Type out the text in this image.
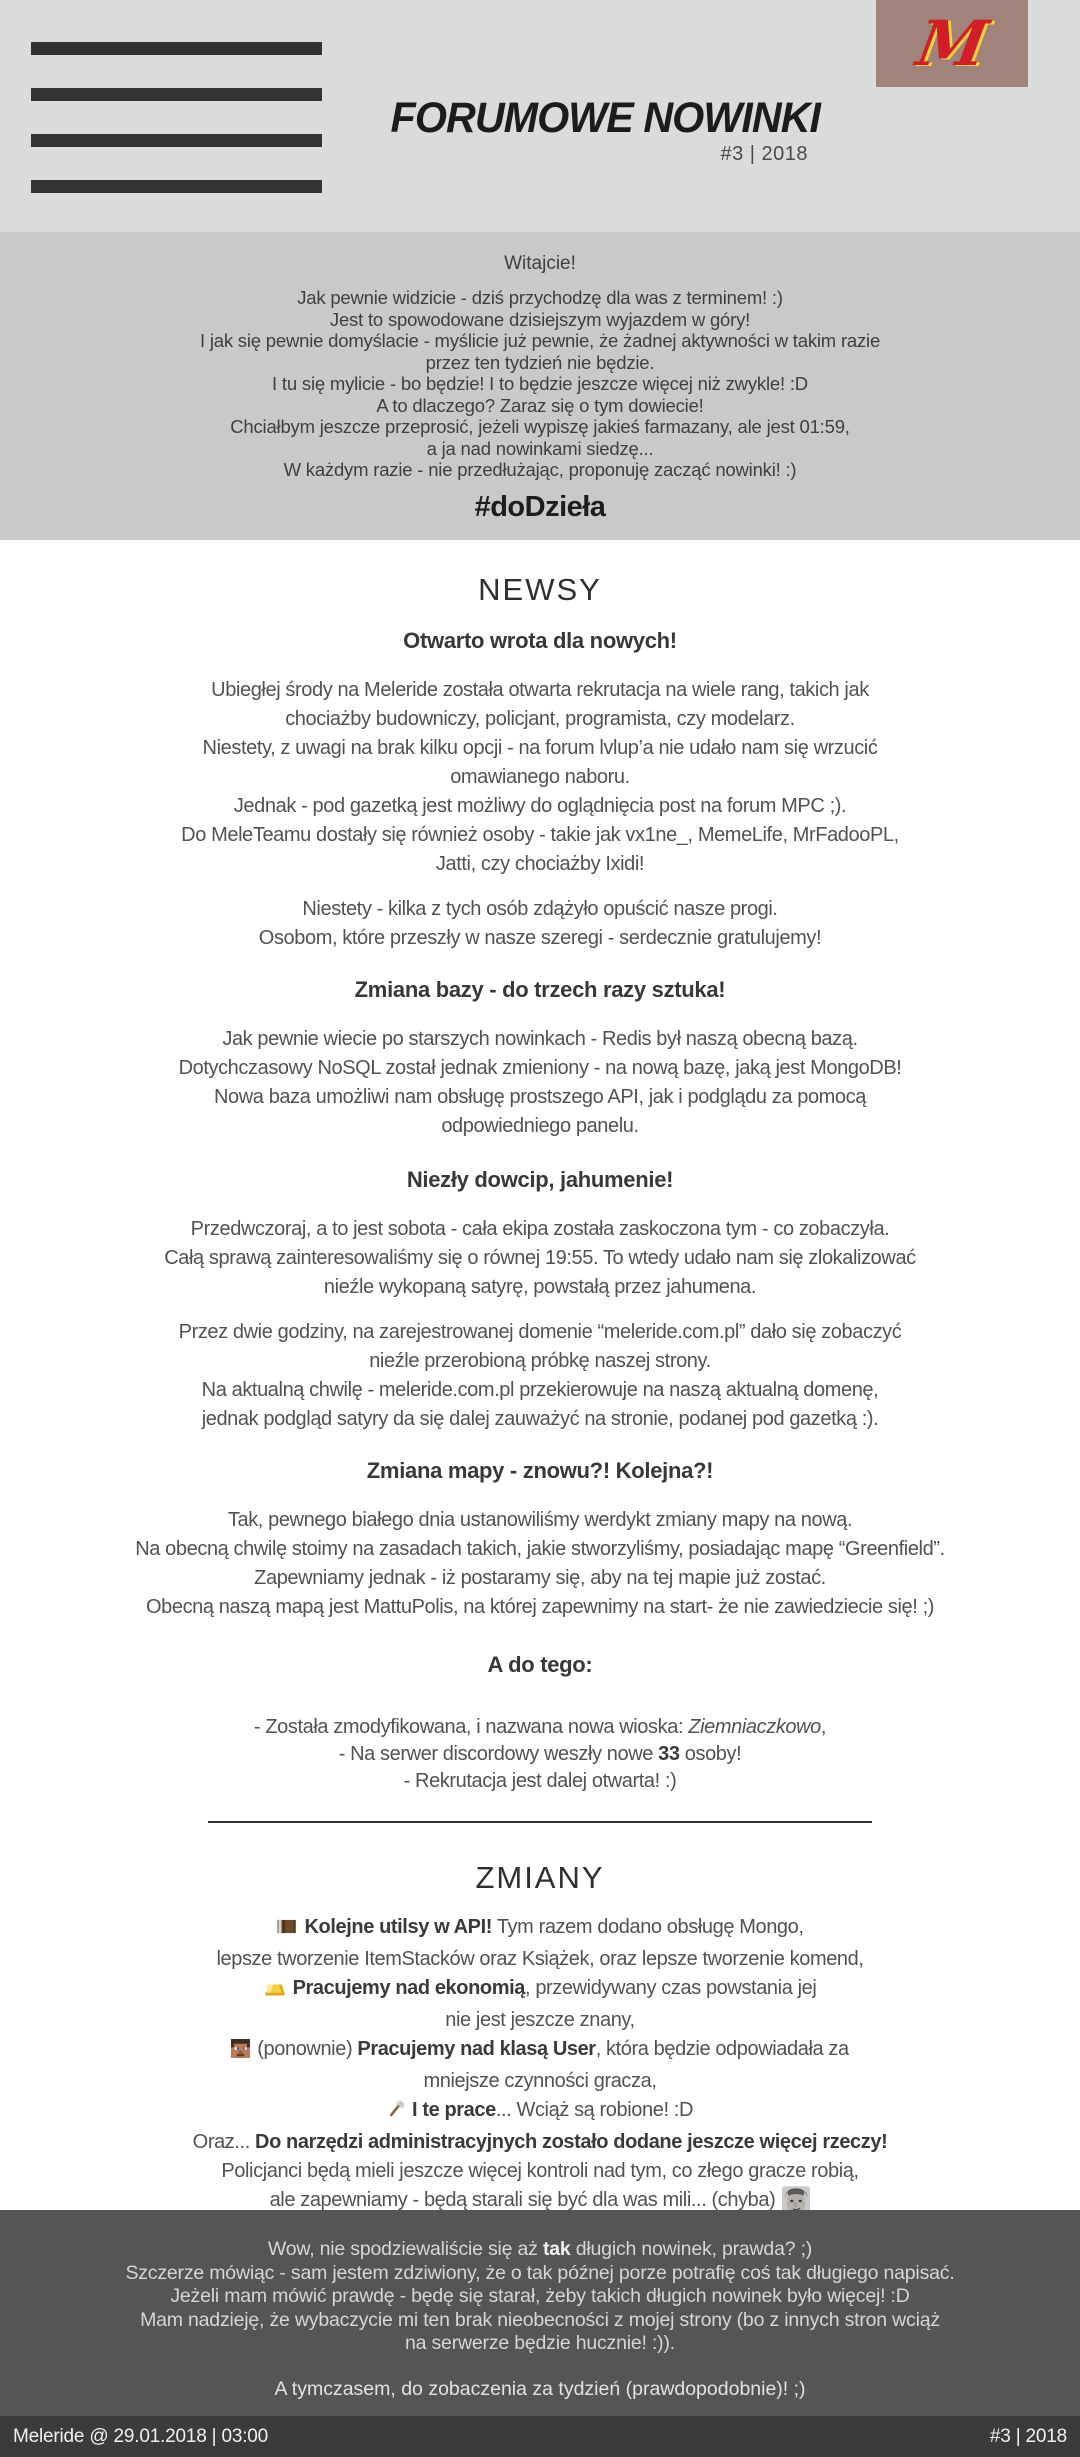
FORUMOWE NOWINKI
#3 | 2018
M
Witajcie!
Jak pewnie widzicie - dziś przychodzę dla was z terminem! :)
Jest to spowodowane dzisiejszym wyjazdem w góry!
I jak się pewnie domyślacie - myślicie już pewnie, że żadnej aktywności w takim razie
przez ten tydzień nie będzie.
I tu się mylicie - bo będzie! I to będzie jeszcze więcej niż zwykle! :D
A to dlaczego? Zaraz się o tym dowiecie!
Chciałbym jeszcze przeprosić, jeżeli wypiszę jakieś farmazany, ale jest 01:59,
a ja nad nowinkami siedzę...
W każdym razie - nie przedłużając, proponuję zacząć nowinki! :)
#doDzieła
NEWSY
Otwarto wrota dla nowych!
Ubiegłej środy na Meleride została otwarta rekrutacja na wiele rang, takich jak
chociażby budowniczy, policjant, programista, czy modelarz.
Niestety, z uwagi na brak kilku opcji - na forum lvlup’a nie udało nam się wrzucić
omawianego naboru.
Jednak - pod gazetką jest możliwy do oglądnięcia post na forum MPC ;).
Do MeleTeamu dostały się również osoby - takie jak vx1ne_, MemeLife, MrFadooPL,
Jatti, czy chociażby Ixidi!
Niestety - kilka z tych osób zdążyło opuścić nasze progi.
Osobom, które przeszły w nasze szeregi - serdecznie gratulujemy!
Zmiana bazy - do trzech razy sztuka!
Jak pewnie wiecie po starszych nowinkach - Redis był naszą obecną bazą.
Dotychczasowy NoSQL został jednak zmieniony - na nową bazę, jaką jest MongoDB!
Nowa baza umożliwi nam obsługę prostszego API, jak i podglądu za pomocą
odpowiedniego panelu.
Niezły dowcip, jahumenie!
Przedwczoraj, a to jest sobota - cała ekipa została zaskoczona tym - co zobaczyła.
Całą sprawą zainteresowaliśmy się o równej 19:55. To wtedy udało nam się zlokalizować
nieźle wykopaną satyrę, powstałą przez jahumena.
Przez dwie godziny, na zarejestrowanej domenie “meleride.com.pl” dało się zobaczyć
nieźle przerobioną próbkę naszej strony.
Na aktualną chwilę - meleride.com.pl przekierowuje na naszą aktualną domenę,
jednak podgląd satyry da się dalej zauważyć na stronie, podanej pod gazetką :).
Zmiana mapy - znowu?! Kolejna?!
Tak, pewnego białego dnia ustanowiliśmy werdykt zmiany mapy na nową.
Na obecną chwilę stoimy na zasadach takich, jakie stworzyliśmy, posiadając mapę “Greenfield”.
Zapewniamy jednak - iż postaramy się, aby na tej mapie już zostać.
Obecną naszą mapą jest MattuPolis, na której zapewnimy na start- że nie zawiedziecie się! ;)
A do tego:
- Została zmodyfikowana, i nazwana nowa wioska: Ziemniaczkowo,
- Na serwer discordowy weszły nowe 33 osoby!
- Rekrutacja jest dalej otwarta! :)
ZMIANY
Kolejne utilsy w API! Tym razem dodano obsługę Mongo,
lepsze tworzenie ItemStacków oraz Książek, oraz lepsze tworzenie komend,
Pracujemy nad ekonomią, przewidywany czas powstania jej
nie jest jeszcze znany,
(ponownie) Pracujemy nad klasą User, która będzie odpowiadała za
mniejsze czynności gracza,
I te prace... Wciąż są robione! :D
Oraz... Do narzędzi administracyjnych zostało dodane jeszcze więcej rzeczy!
Policjanci będą mieli jeszcze więcej kontroli nad tym, co złego gracze robią,
ale zapewniamy - będą starali się być dla was mili... (chyba)
Wow, nie spodziewaliście się aż tak długich nowinek, prawda? ;)
Szczerze mówiąc - sam jestem zdziwiony, że o tak późnej porze potrafię coś tak długiego napisać.
Jeżeli mam mówić prawdę - będę się starał, żeby takich długich nowinek było więcej! :D
Mam nadzieję, że wybaczycie mi ten brak nieobecności z mojej strony (bo z innych stron wciąż
na serwerze będzie hucznie! :)).
A tymczasem, do zobaczenia za tydzień (prawdopodobnie)! ;)
Meleride @ 29.01.2018 | 03:00	#3 | 2018
